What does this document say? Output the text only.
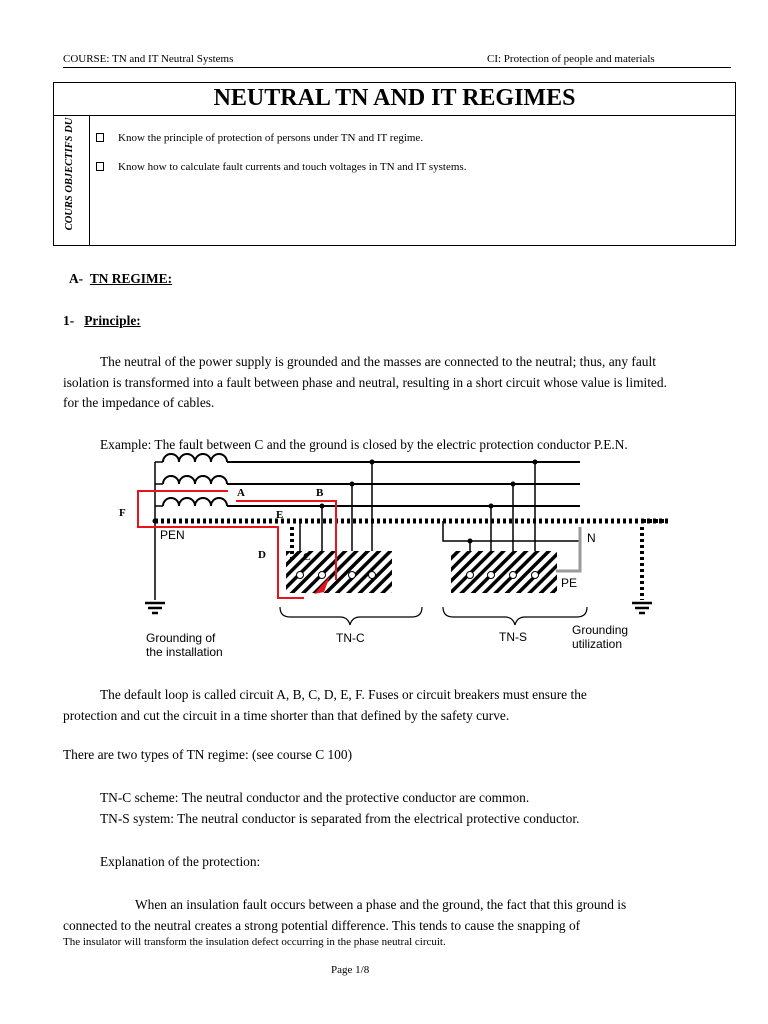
COURSE: TN and IT Neutral Systems	CI: Protection of people and materials
NEUTRAL TN AND IT REGIMES
COURS OBJECTIFS DU	Know the principle of protection of persons under TN and IT regime.
Know how to calculate fault currents and touch voltages in TN and IT systems.
A- TN REGIME:
1- Principle:
The neutral of the power supply is grounded and the masses are connected to the neutral; thus, any fault
isolation is transformed into a fault between phase and neutral, resulting in a short circuit whose value is limited.
for the impedance of cables.
Example: The fault between C and the ground is closed by the electric protection conductor P.E.N.
F
A	B
E
D	C
PEN	N
PE
TN-C	TN-S
Grounding of
the installation
Grounding
utilization
The default loop is called circuit A, B, C, D, E, F. Fuses or circuit breakers must ensure the
protection and cut the circuit in a time shorter than that defined by the safety curve.
There are two types of TN regime: (see course C 100)
TN-C scheme: The neutral conductor and the protective conductor are common.
TN-S system: The neutral conductor is separated from the electrical protective conductor.
Explanation of the protection:
When an insulation fault occurs between a phase and the ground, the fact that this ground is
connected to the neutral creates a strong potential difference. This tends to cause the snapping of
The insulator will transform the insulation defect occurring in the phase neutral circuit.
Page 1/8
